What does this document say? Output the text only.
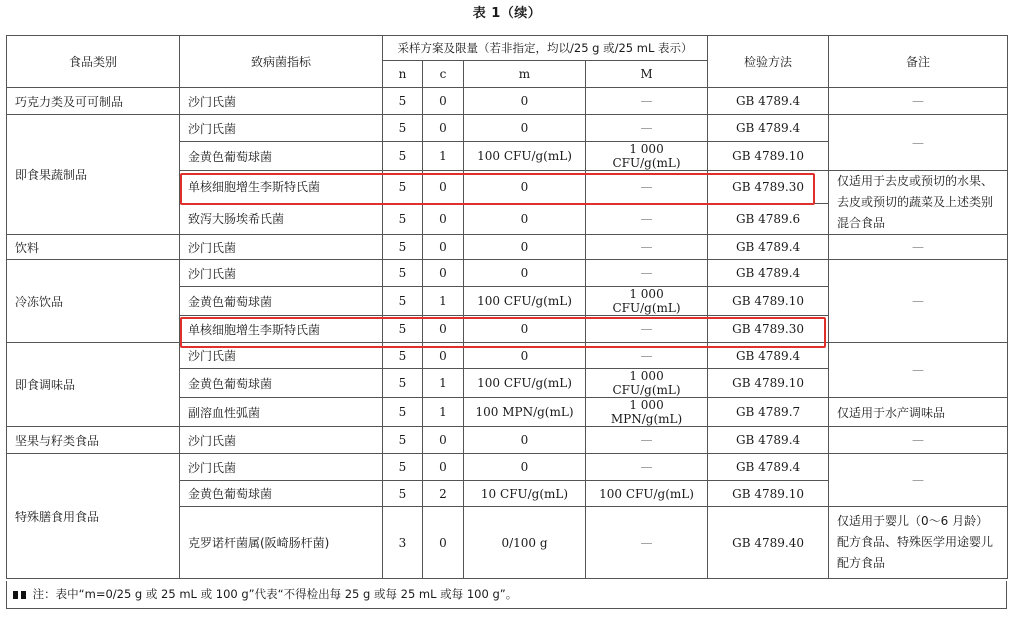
表 1（续）
食品类别	致病菌指标	采样方案及限量（若非指定，均以/25 g 或/25 mL 表示）				检验方法	备注
		n	c	m	M		
巧克力类及可可制品	沙门氏菌	5	0	0	—	GB 4789.4	—
即食果蔬制品	沙门氏菌	5	0	0	—	GB 4789.4	—
	金黄色葡萄球菌	5	1	100 CFU/g(mL)	1 000 CFU/g(mL)	GB 4789.10	
	单核细胞增生李斯特氏菌	5	0	0	—	GB 4789.30	仅适用于去皮或预切的水果、去皮或预切的蔬菜及上述类别混合食品
	致泻大肠埃希氏菌	5	0	0	—	GB 4789.6	
饮料	沙门氏菌	5	0	0	—	GB 4789.4	—
冷冻饮品	沙门氏菌	5	0	0	—	GB 4789.4	—
	金黄色葡萄球菌	5	1	100 CFU/g(mL)	1 000 CFU/g(mL)	GB 4789.10	
	单核细胞增生李斯特氏菌	5	0	0	—	GB 4789.30	
即食调味品	沙门氏菌	5	0	0	—	GB 4789.4	—
	金黄色葡萄球菌	5	1	100 CFU/g(mL)	1 000 CFU/g(mL)	GB 4789.10	
	副溶血性弧菌	5	1	100 MPN/g(mL)	1 000 MPN/g(mL)	GB 4789.7	仅适用于水产调味品
坚果与籽类食品	沙门氏菌	5	0	0	—	GB 4789.4	—
特殊膳食用食品	沙门氏菌	5	0	0	—	GB 4789.4	—
	金黄色葡萄球菌	5	2	10 CFU/g(mL)	100 CFU/g(mL)	GB 4789.10	
	克罗诺杆菌属(阪崎肠杆菌)	3	0	0/100 g	—	GB 4789.40	仅适用于婴儿（0～6 月龄）配方食品、特殊医学用途婴儿配方食品
注：表中“m=0/25 g 或 25 mL 或 100 g”代表“不得检出每 25 g 或每 25 mL 或每 100 g”。
